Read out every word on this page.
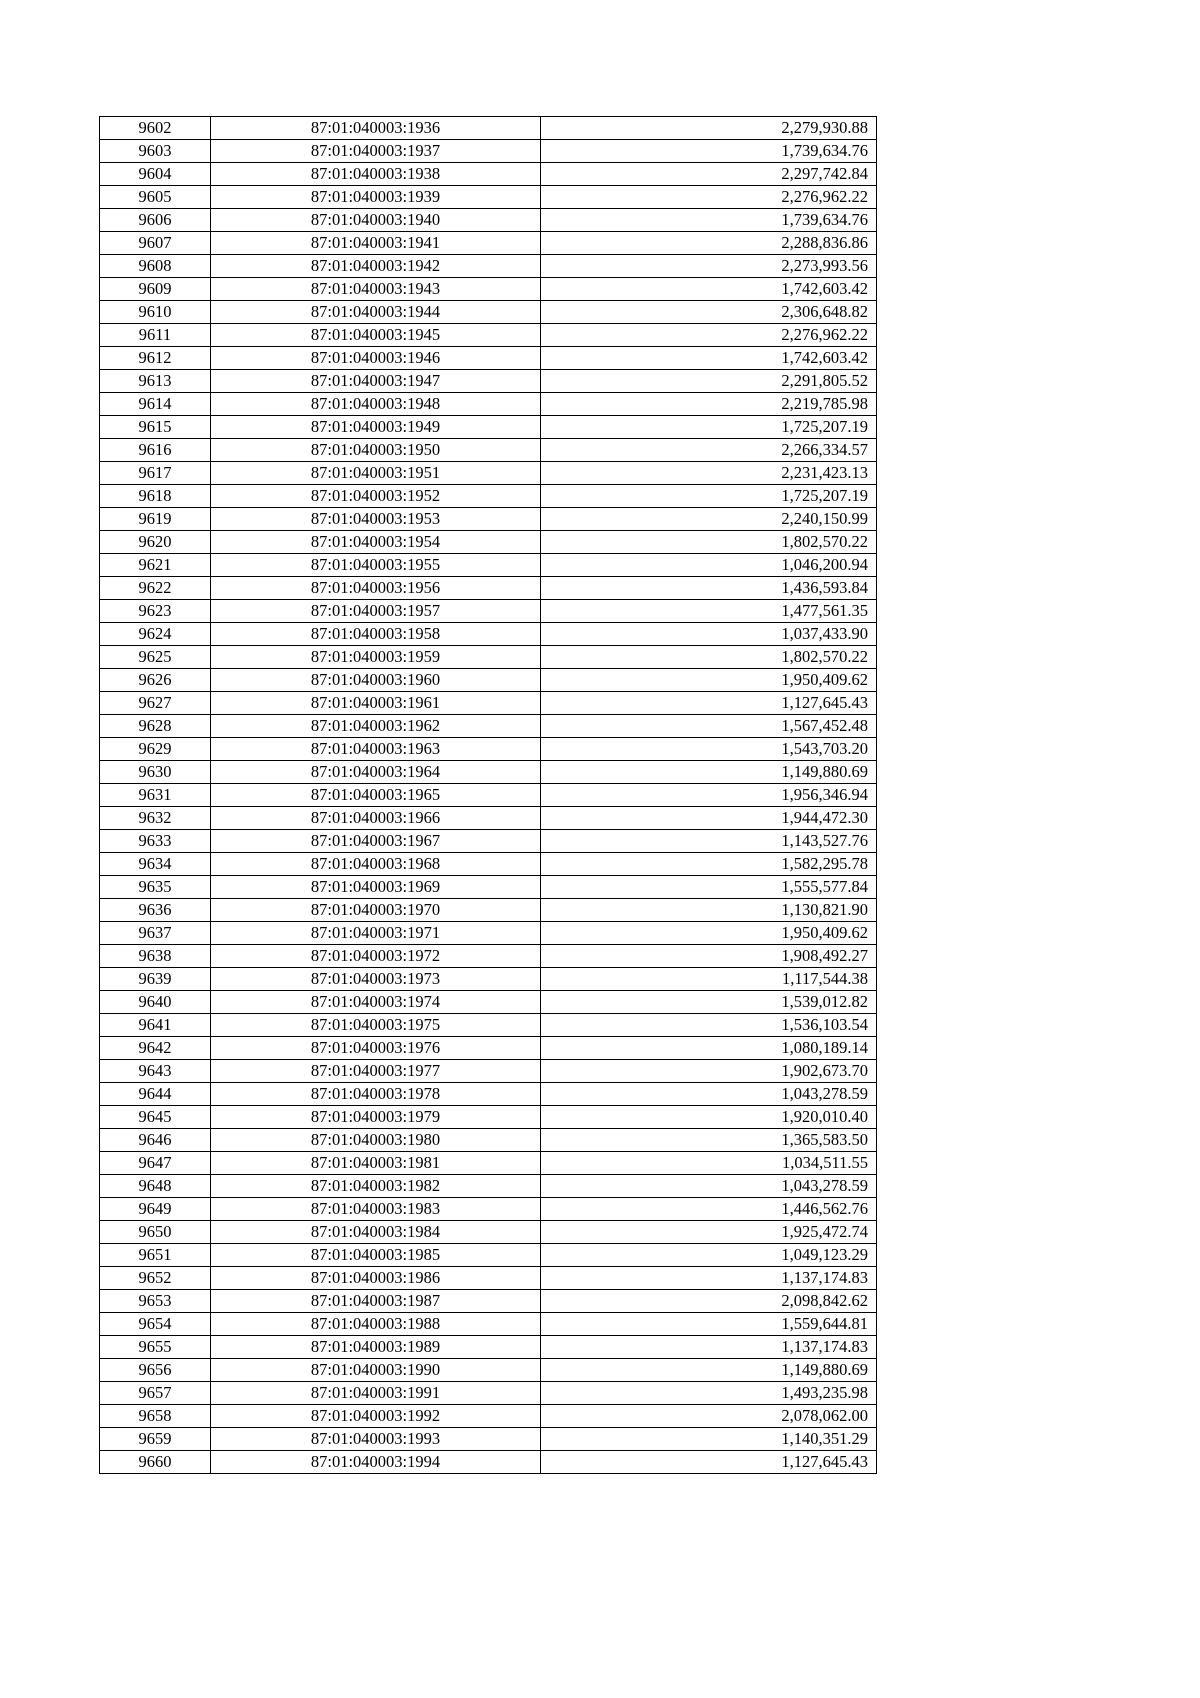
9602	87:01:040003:1936	2,279,930.88
9603	87:01:040003:1937	1,739,634.76
9604	87:01:040003:1938	2,297,742.84
9605	87:01:040003:1939	2,276,962.22
9606	87:01:040003:1940	1,739,634.76
9607	87:01:040003:1941	2,288,836.86
9608	87:01:040003:1942	2,273,993.56
9609	87:01:040003:1943	1,742,603.42
9610	87:01:040003:1944	2,306,648.82
9611	87:01:040003:1945	2,276,962.22
9612	87:01:040003:1946	1,742,603.42
9613	87:01:040003:1947	2,291,805.52
9614	87:01:040003:1948	2,219,785.98
9615	87:01:040003:1949	1,725,207.19
9616	87:01:040003:1950	2,266,334.57
9617	87:01:040003:1951	2,231,423.13
9618	87:01:040003:1952	1,725,207.19
9619	87:01:040003:1953	2,240,150.99
9620	87:01:040003:1954	1,802,570.22
9621	87:01:040003:1955	1,046,200.94
9622	87:01:040003:1956	1,436,593.84
9623	87:01:040003:1957	1,477,561.35
9624	87:01:040003:1958	1,037,433.90
9625	87:01:040003:1959	1,802,570.22
9626	87:01:040003:1960	1,950,409.62
9627	87:01:040003:1961	1,127,645.43
9628	87:01:040003:1962	1,567,452.48
9629	87:01:040003:1963	1,543,703.20
9630	87:01:040003:1964	1,149,880.69
9631	87:01:040003:1965	1,956,346.94
9632	87:01:040003:1966	1,944,472.30
9633	87:01:040003:1967	1,143,527.76
9634	87:01:040003:1968	1,582,295.78
9635	87:01:040003:1969	1,555,577.84
9636	87:01:040003:1970	1,130,821.90
9637	87:01:040003:1971	1,950,409.62
9638	87:01:040003:1972	1,908,492.27
9639	87:01:040003:1973	1,117,544.38
9640	87:01:040003:1974	1,539,012.82
9641	87:01:040003:1975	1,536,103.54
9642	87:01:040003:1976	1,080,189.14
9643	87:01:040003:1977	1,902,673.70
9644	87:01:040003:1978	1,043,278.59
9645	87:01:040003:1979	1,920,010.40
9646	87:01:040003:1980	1,365,583.50
9647	87:01:040003:1981	1,034,511.55
9648	87:01:040003:1982	1,043,278.59
9649	87:01:040003:1983	1,446,562.76
9650	87:01:040003:1984	1,925,472.74
9651	87:01:040003:1985	1,049,123.29
9652	87:01:040003:1986	1,137,174.83
9653	87:01:040003:1987	2,098,842.62
9654	87:01:040003:1988	1,559,644.81
9655	87:01:040003:1989	1,137,174.83
9656	87:01:040003:1990	1,149,880.69
9657	87:01:040003:1991	1,493,235.98
9658	87:01:040003:1992	2,078,062.00
9659	87:01:040003:1993	1,140,351.29
9660	87:01:040003:1994	1,127,645.43
